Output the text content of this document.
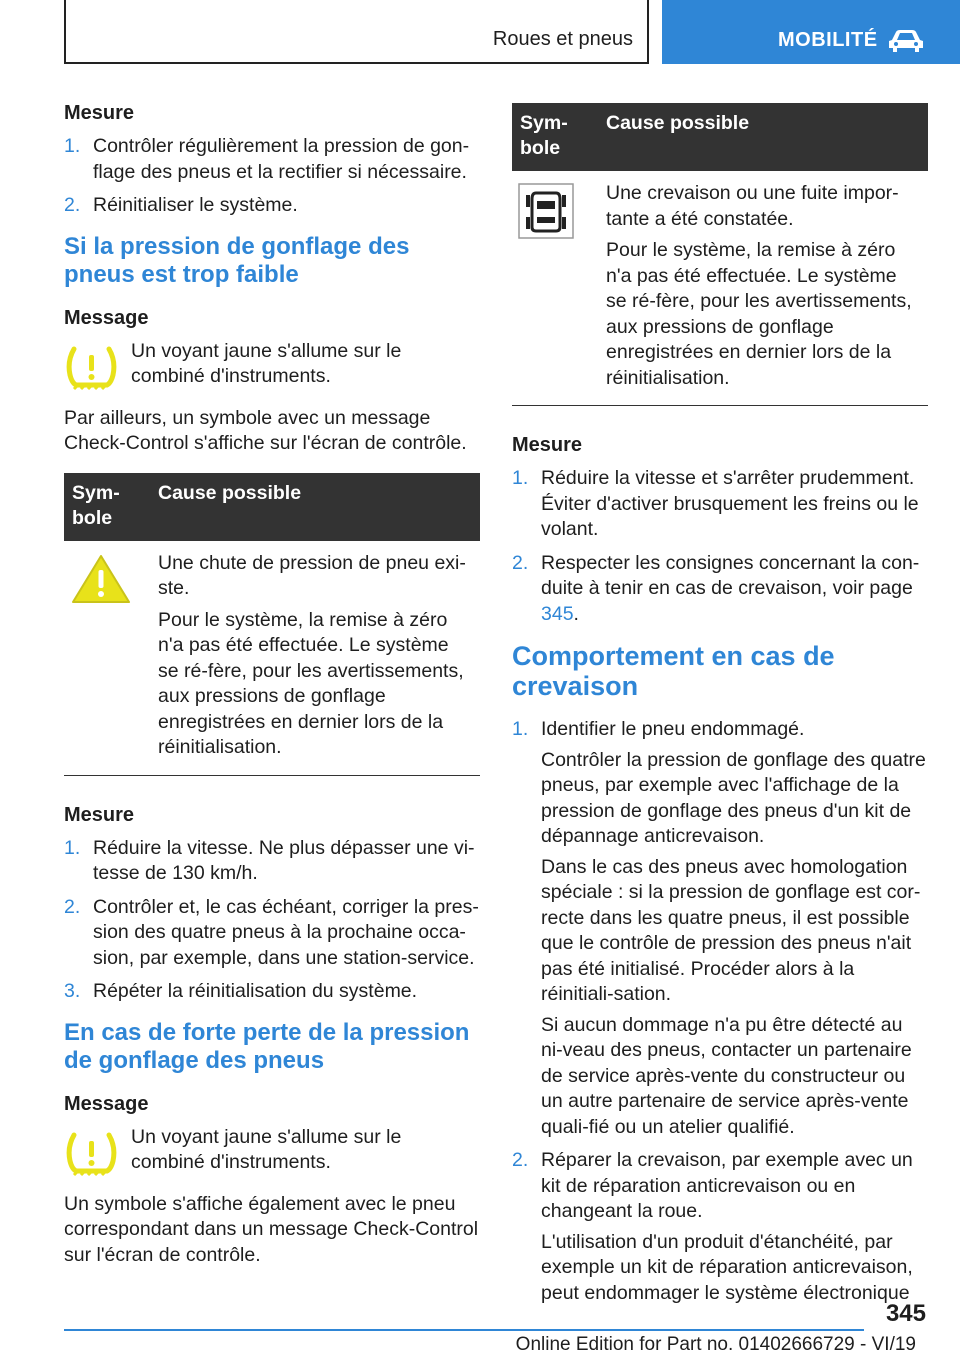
Roues et pneus	MOBILITÉ
Mesure
1. Contrôler régulièrement la pression de gon-flage des pneus et la rectifier si nécessaire.
2. Réinitialiser le système.
Si la pression de gonflage des pneus est trop faible
Message
Un voyant jaune s'allume sur le combiné d'instruments.

Par ailleurs, un symbole avec un message Check-Control s'affiche sur l'écran de contrôle.

Sym-bole	Cause possible

Une chute de pression de pneu exi-ste.

Pour le système, la remise à zéro n'a pas été effectuée. Le système se ré-fère, pour les avertissements, aux pressions de gonflage enregistrées en dernier lors de la réinitialisation.

Mesure
1. Réduire la vitesse. Ne plus dépasser une vi-tesse de 130 km/h.
2. Contrôler et, le cas échéant, corriger la pres-sion des quatre pneus à la prochaine occa-sion, par exemple, dans une station-service.
3. Répéter la réinitialisation du système.
En cas de forte perte de la pression de gonflage des pneus
Message
Un voyant jaune s'allume sur le combiné d'instruments.

Un symbole s'affiche également avec le pneu correspondant dans un message Check-Control sur l'écran de contrôle.

Sym-bole	Cause possible

Une crevaison ou une fuite impor-tante a été constatée.

Pour le système, la remise à zéro n'a pas été effectuée. Le système se ré-fère, pour les avertissements, aux pressions de gonflage enregistrées en dernier lors de la réinitialisation.

Mesure
1. Réduire la vitesse et s'arrêter prudemment. Éviter d'activer brusquement les freins ou le volant.
2. Respecter les consignes concernant la con-duite à tenir en cas de crevaison, voir page 345.
Comportement en cas de crevaison
1. Identifier le pneu endommagé.

Contrôler la pression de gonflage des quatre pneus, par exemple avec l'affichage de la pression de gonflage des pneus d'un kit de dépannage anticrevaison.

Dans le cas des pneus avec homologation spéciale : si la pression de gonflage est cor-recte dans les quatre pneus, il est possible que le contrôle de pression des pneus n'ait pas été initialisé. Procéder alors à la réinitiali-sation.

Si aucun dommage n'a pu être détecté au ni-veau des pneus, contacter un partenaire de service après-vente du constructeur ou un autre partenaire de service après-vente quali-fié ou un atelier qualifié.

2. Réparer la crevaison, par exemple avec un kit de réparation anticrevaison ou en changeant la roue.

L'utilisation d'un produit d'étanchéité, par exemple un kit de réparation anticrevaison, peut endommager le système électronique

345
Online Edition for Part no. 01402666729 - VI/19
